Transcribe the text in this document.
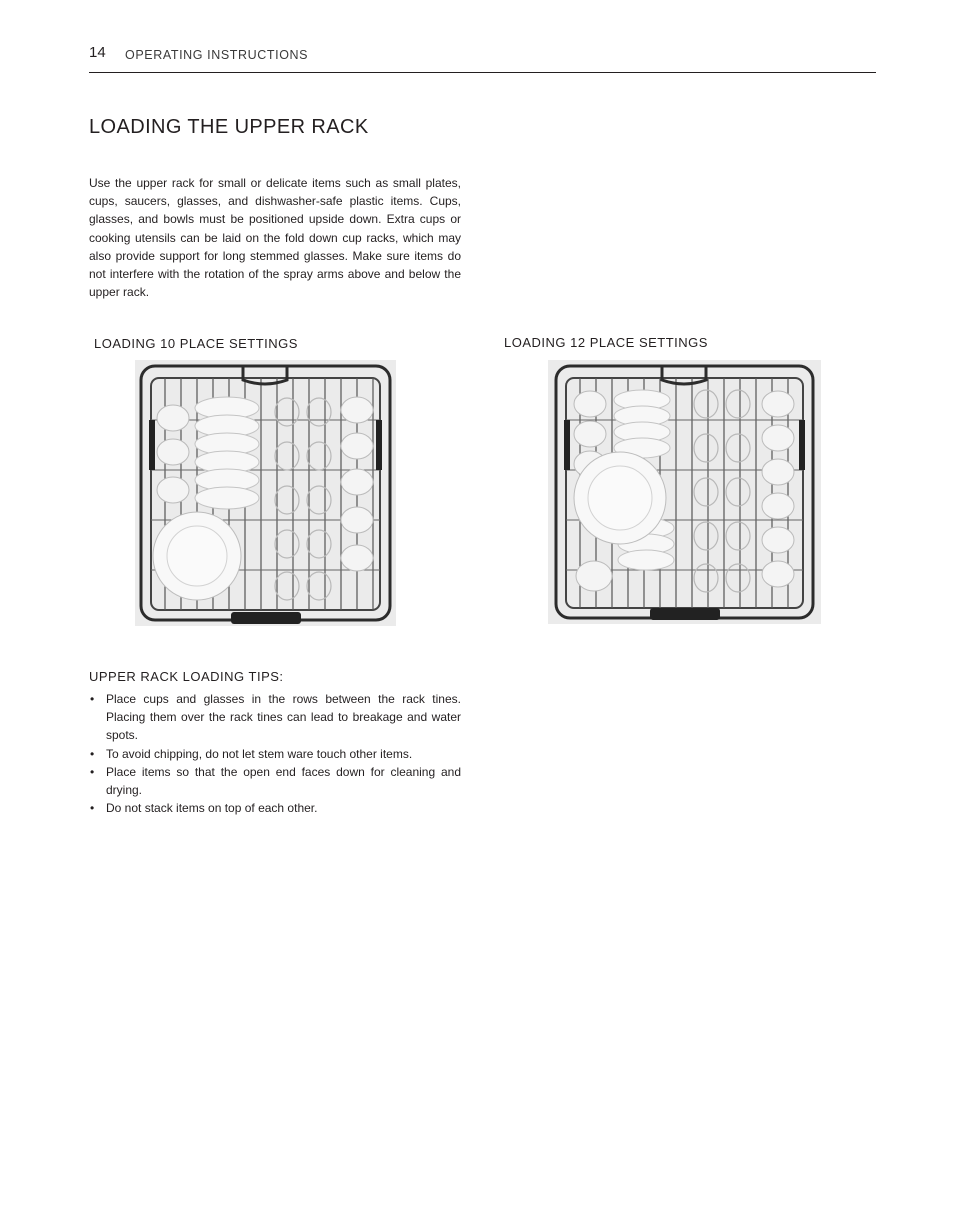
14 OPERATING INSTRUCTIONS
LOADING THE UPPER RACK

Use the upper rack for small or delicate items such as small plates, cups, saucers, glasses, and dishwasher-safe plastic items. Cups, glasses, and bowls must be positioned upside down. Extra cups or cooking utensils can be laid on the fold down cup racks, which may also provide support for long stemmed glasses. Make sure items do not interfere with the rotation of the spray arms above and below the upper rack.

LOADING 10 PLACE SETTINGS	LOADING 12 PLACE SETTINGS
UPPER RACK LOADING TIPS:
• Place cups and glasses in the rows between the rack tines. Placing them over the rack tines can lead to breakage and water spots.
• To avoid chipping, do not let stem ware touch other items.
• Place items so that the open end faces down for cleaning and drying.
• Do not stack items on top of each other.
